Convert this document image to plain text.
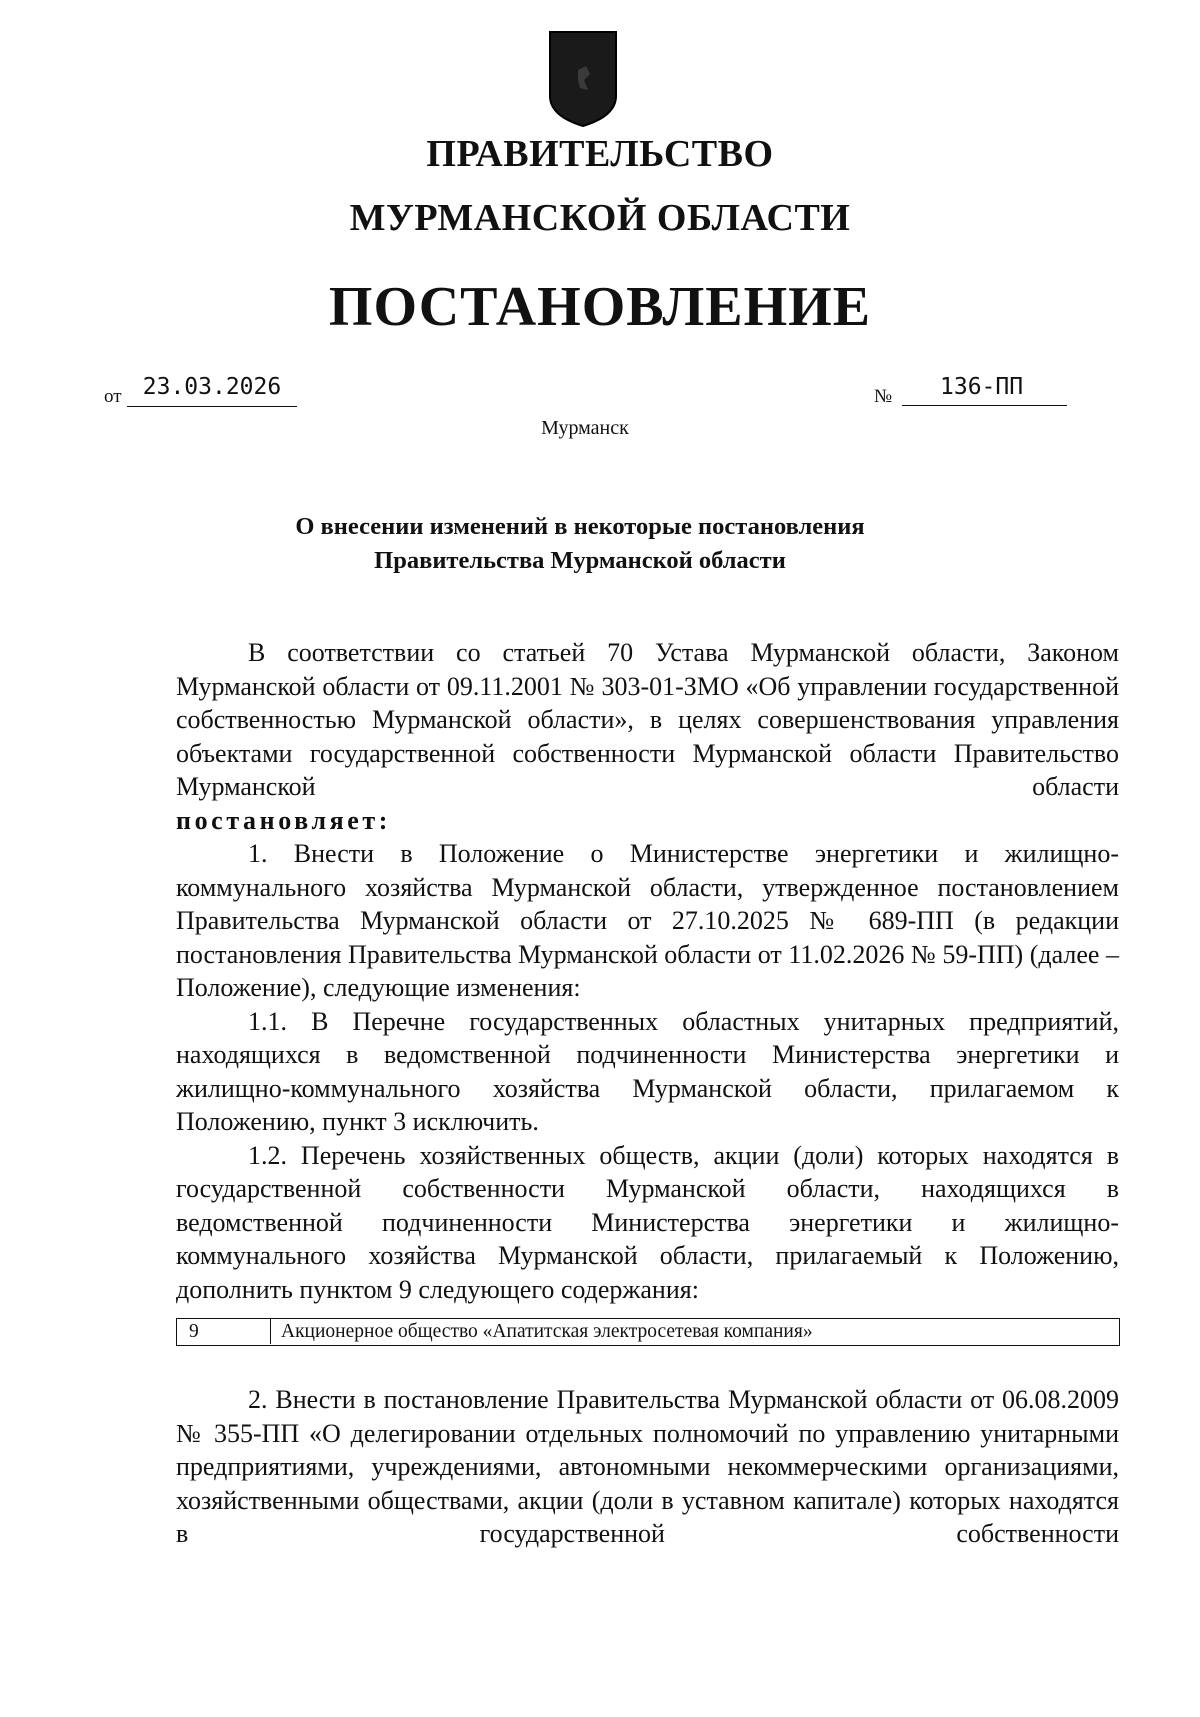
ПРАВИТЕЛЬСТВО
МУРМАНСКОЙ ОБЛАСТИ
ПОСТАНОВЛЕНИЕ
от 23.03.2026	№	136-ПП
Мурманск
О внесении изменений в некоторые постановления
Правительства Мурманской области
В соответствии со статьей 70 Устава Мурманской области, Законом Мурманской области от 09.11.2001 № 303-01-ЗМО «Об управлении государственной собственностью Мурманской области», в целях совершенствования управления объектами государственной собственности Мурманской области Правительство Мурманской области
постановляет:
1. Внести в Положение о Министерстве энергетики и жилищно-коммунального хозяйства Мурманской области, утвержденное постановлением Правительства Мурманской области от 27.10.2025 № 689-ПП (в редакции постановления Правительства Мурманской области от 11.02.2026 № 59-ПП) (далее – Положение), следующие изменения:
1.1. В Перечне государственных областных унитарных предприятий, находящихся в ведомственной подчиненности Министерства энергетики и жилищно-коммунального хозяйства Мурманской области, прилагаемом к Положению, пункт 3 исключить.
1.2. Перечень хозяйственных обществ, акции (доли) которых находятся в государственной собственности Мурманской области, находящихся в ведомственной подчиненности Министерства энергетики и жилищно-коммунального хозяйства Мурманской области, прилагаемый к Положению, дополнить пунктом 9 следующего содержания:
9	Акционерное общество «Апатитская электросетевая компания»
2. Внести в постановление Правительства Мурманской области от 06.08.2009 № 355-ПП «О делегировании отдельных полномочий по управлению унитарными предприятиями, учреждениями, автономными некоммерческими организациями, хозяйственными обществами, акции (доли в уставном капитале) которых находятся в государственной собственности
